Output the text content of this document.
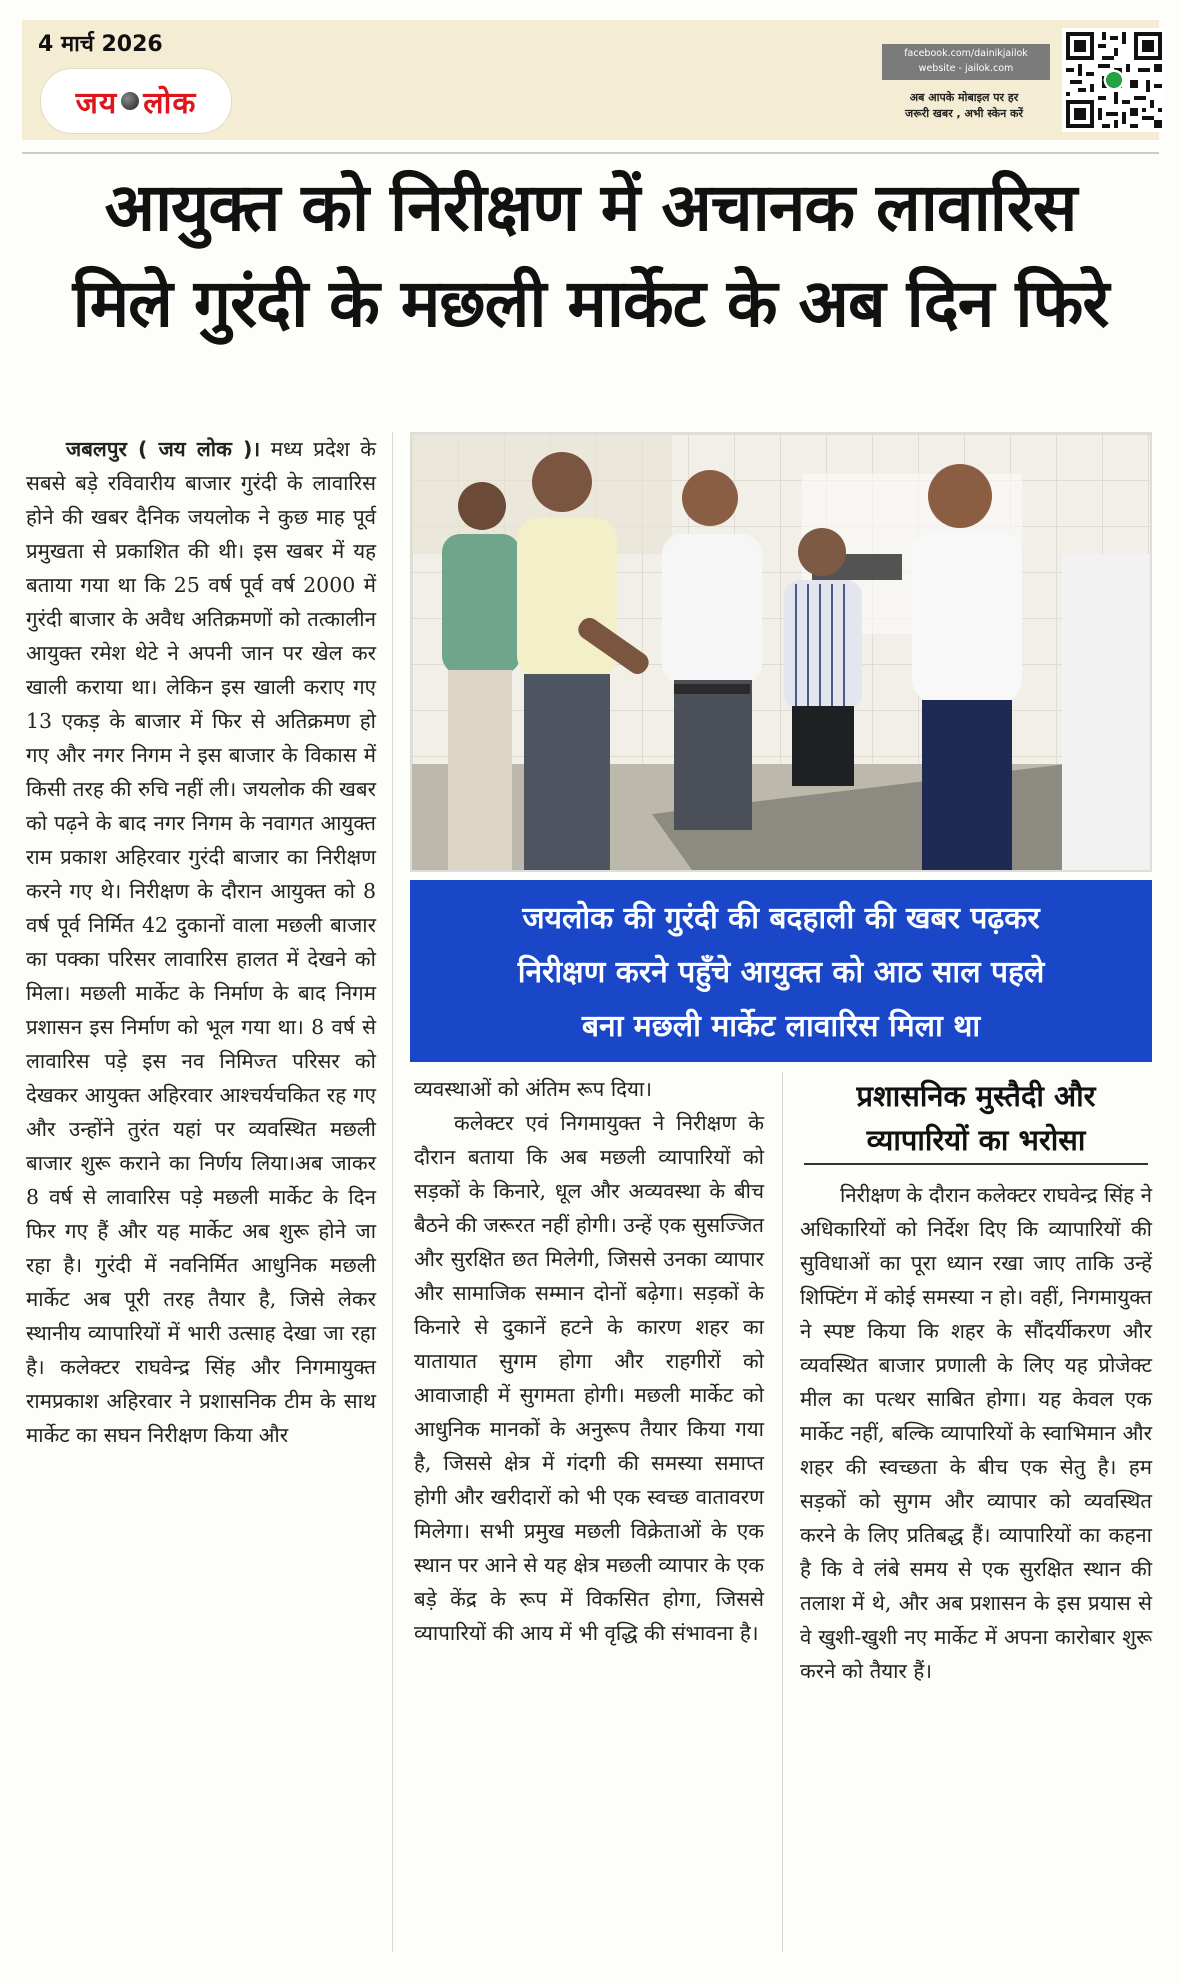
4 मार्च 2026
जय लोक
facebook.com/dainikjailok
website - jailok.com
अब आपके मोबाइल पर हर
जरूरी खबर , अभी स्केन करें
आयुक्त को निरीक्षण में अचानक लावारिस
मिले गुरंदी के मछली मार्केट के अब दिन फिरे

जबलपुर ( जय लोक )। मध्य प्रदेश के सबसे बड़े रविवारीय बाजार गुरंदी के लावारिस होने की खबर दैनिक जयलोक ने कुछ माह पूर्व प्रमुखता से प्रकाशित की थी। इस खबर में यह बताया गया था कि 25 वर्ष पूर्व वर्ष 2000 में गुरंदी बाजार के अवैध अतिक्रमणों को तत्कालीन आयुक्त रमेश थेटे ने अपनी जान पर खेल कर खाली कराया था। लेकिन इस खाली कराए गए 13 एकड़ के बाजार में फिर से अतिक्रमण हो गए और नगर निगम ने इस बाजार के विकास में किसी तरह की रुचि नहीं ली। जयलोक की खबर को पढ़ने के बाद नगर निगम के नवागत आयुक्त राम प्रकाश अहिरवार गुरंदी बाजार का निरीक्षण करने गए थे। निरीक्षण के दौरान आयुक्त को 8 वर्ष पूर्व निर्मित 42 दुकानों वाला मछली बाजार का पक्का परिसर लावारिस हालत में देखने को मिला। मछली मार्केट के निर्माण के बाद निगम प्रशासन इस निर्माण को भूल गया था। 8 वर्ष से लावारिस पड़े इस नव निमिज्त परिसर को देखकर आयुक्त अहिरवार आश्चर्यचकित रह गए और उन्होंने तुरंत यहां पर व्यवस्थित मछली बाजार शुरू कराने का निर्णय लिया।अब जाकर 8 वर्ष से लावारिस पड़े मछली मार्केट के दिन फिर गए हैं और यह मार्केट अब शुरू होने जा रहा है। गुरंदी में नवनिर्मित आधुनिक मछली मार्केट अब पूरी तरह तैयार है, जिसे लेकर स्थानीय व्यापारियों में भारी उत्साह देखा जा रहा है। कलेक्टर राघवेन्द्र सिंह और निगमायुक्त रामप्रकाश अहिरवार ने प्रशासनिक टीम के साथ मार्केट का सघन निरीक्षण किया और

जयलोक की गुरंदी की बदहाली की खबर पढ़कर
निरीक्षण करने पहुँचे आयुक्त को आठ साल पहले
बना मछली मार्केट लावारिस मिला था

व्यवस्थाओं को अंतिम रूप दिया।

कलेक्टर एवं निगमायुक्त ने निरीक्षण के दौरान बताया कि अब मछली व्यापारियों को सड़कों के किनारे, धूल और अव्यवस्था के बीच बैठने की जरूरत नहीं होगी। उन्हें एक सुसज्जित और सुरक्षित छत मिलेगी, जिससे उनका व्यापार और सामाजिक सम्मान दोनों बढ़ेगा। सड़कों के किनारे से दुकानें हटने के कारण शहर का यातायात सुगम होगा और राहगीरों को आवाजाही में सुगमता होगी। मछली मार्केट को आधुनिक मानकों के अनुरूप तैयार किया गया है, जिससे क्षेत्र में गंदगी की समस्या समाप्त होगी और खरीदारों को भी एक स्वच्छ वातावरण मिलेगा। सभी प्रमुख मछली विक्रेताओं के एक स्थान पर आने से यह क्षेत्र मछली व्यापार के एक बड़े केंद्र के रूप में विकसित होगा, जिससे व्यापारियों की आय में भी वृद्धि की संभावना है।

प्रशासनिक मुस्तैदी और
व्यापारियों का भरोसा

निरीक्षण के दौरान कलेक्टर राघवेन्द्र सिंह ने अधिकारियों को निर्देश दिए कि व्यापारियों की सुविधाओं का पूरा ध्यान रखा जाए ताकि उन्हें शिफ्टिंग में कोई समस्या न हो। वहीं, निगमायुक्त ने स्पष्ट किया कि शहर के सौंदर्यीकरण और व्यवस्थित बाजार प्रणाली के लिए यह प्रोजेक्ट मील का पत्थर साबित होगा। यह केवल एक मार्केट नहीं, बल्कि व्यापारियों के स्वाभिमान और शहर की स्वच्छता के बीच एक सेतु है। हम सड़कों को सुगम और व्यापार को व्यवस्थित करने के लिए प्रतिबद्ध हैं। व्यापारियों का कहना है कि वे लंबे समय से एक सुरक्षित स्थान की तलाश में थे, और अब प्रशासन के इस प्रयास से वे खुशी-खुशी नए मार्केट में अपना कारोबार शुरू करने को तैयार हैं।
